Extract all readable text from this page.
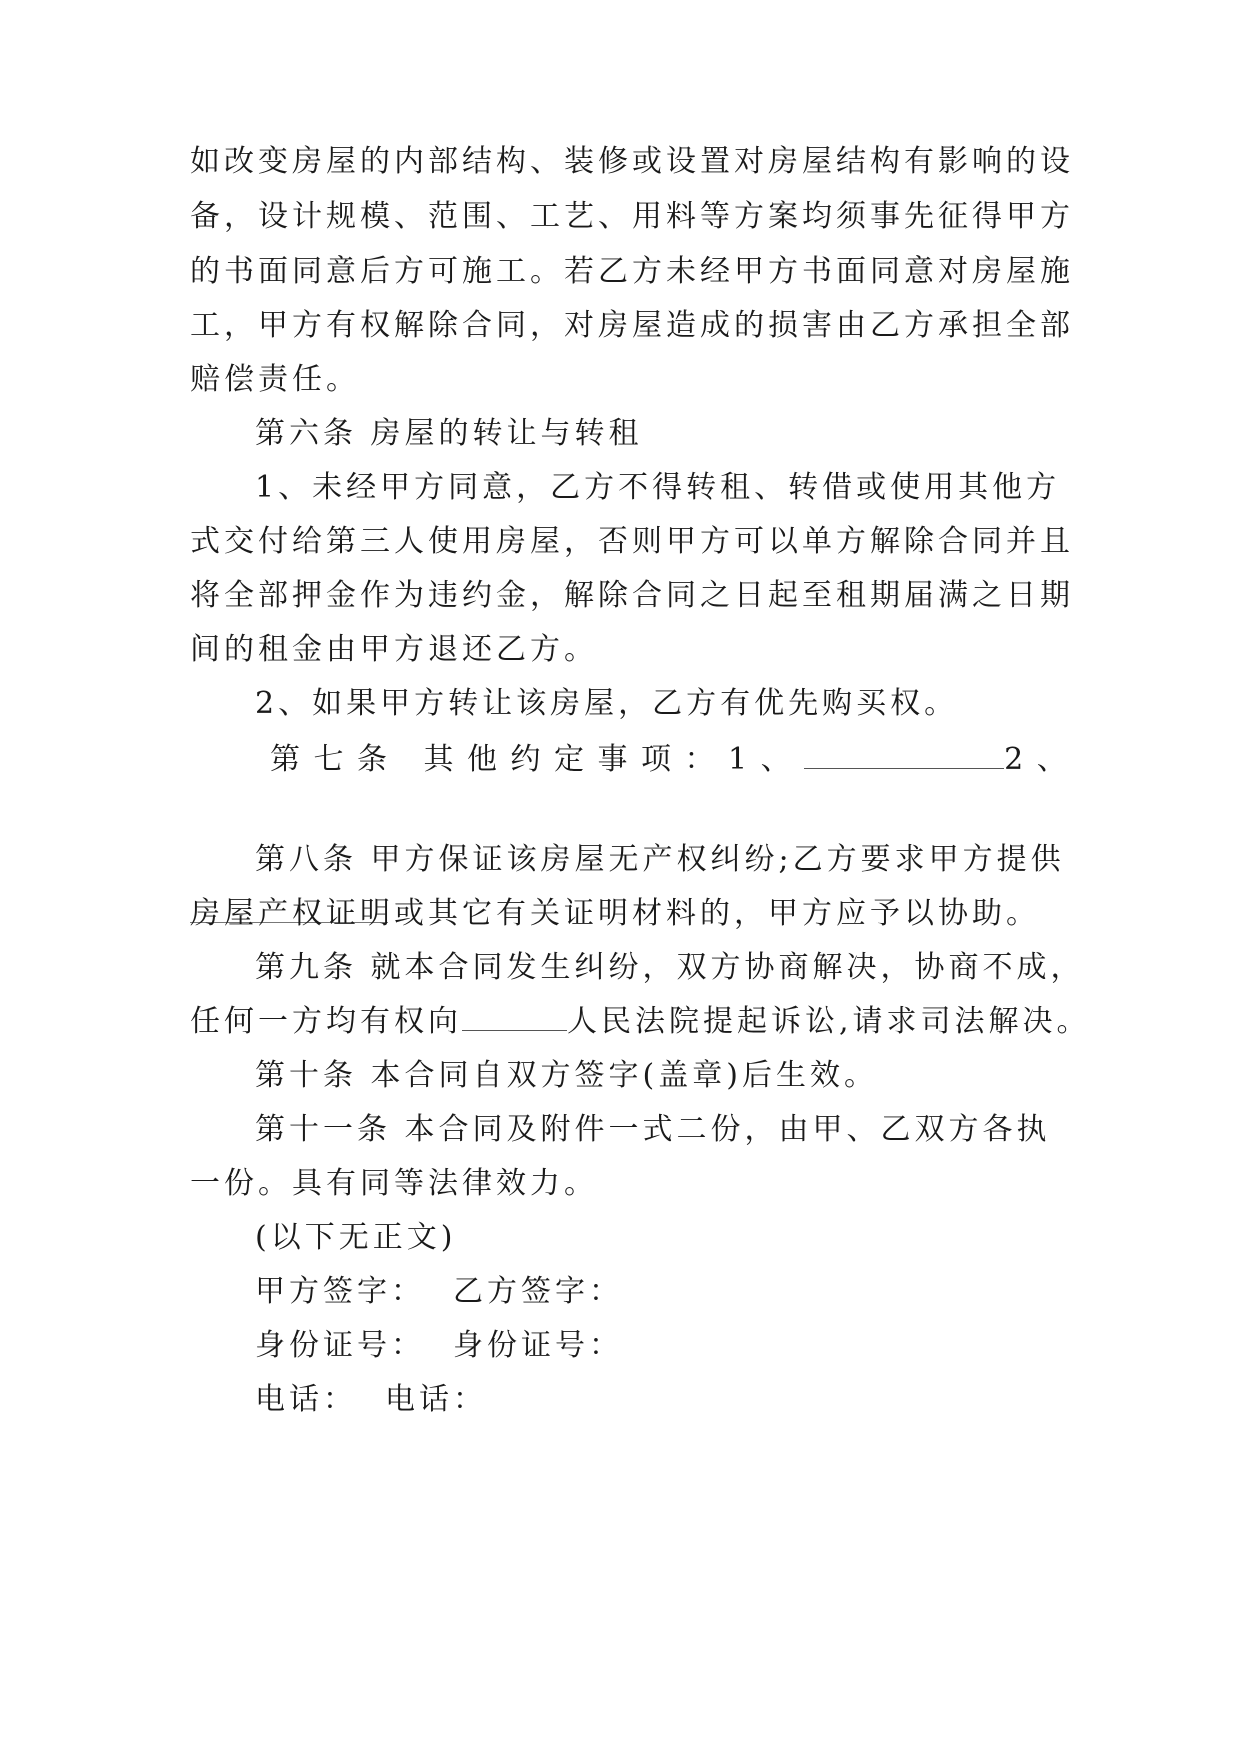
如改变房屋的内部结构、装修或设置对房屋结构有影响的设
备，设计规模、范围、工艺、用料等方案均须事先征得甲方
的书面同意后方可施工。若乙方未经甲方书面同意对房屋施
工，甲方有权解除合同，对房屋造成的损害由乙方承担全部
赔偿责任。
第六条 房屋的转让与转租
1、未经甲方同意，乙方不得转租、转借或使用其他方
式交付给第三人使用房屋，否则甲方可以单方解除合同并且
将全部押金作为违约金，解除合同之日起至租期届满之日期
间的租金由甲方退还乙方。
2、如果甲方转让该房屋，乙方有优先购买权。
第七条 其他约定事项：1、	2、
第八条 甲方保证该房屋无产权纠纷;乙方要求甲方提供
房屋产权证明或其它有关证明材料的，甲方应予以协助。
第九条 就本合同发生纠纷，双方协商解决，协商不成，
任何一方均有权向	人民法院提起诉讼,请求司法解决。
第十条 本合同自双方签字(盖章)后生效。
第十一条 本合同及附件一式二份，由甲、乙双方各执
一份。具有同等法律效力。
(以下无正文)
甲方签字： 乙方签字：
身份证号： 身份证号：
电话： 电话：
